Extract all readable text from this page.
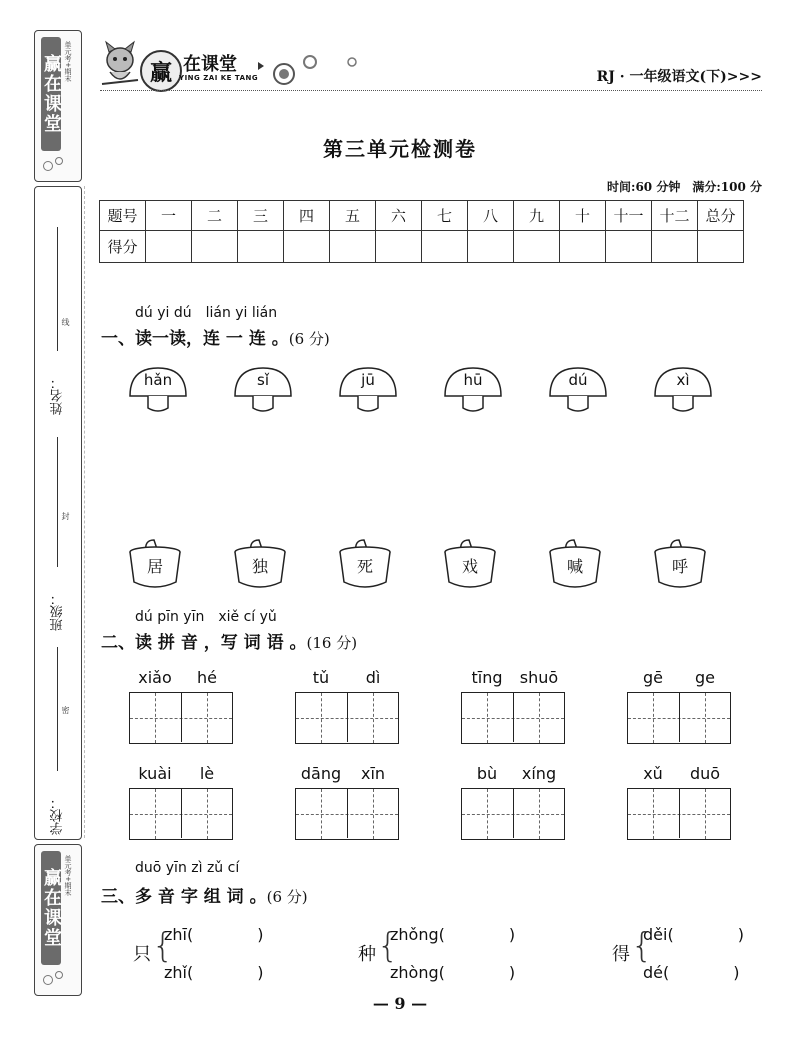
赢在课堂 单元考+期末
姓名：
班级：
学校：
线
封
密
赢在课堂 单元考+期末
赢 在课堂
YING ZAI KE TANG	RJ · 一年级语文(下)>>>
第三单元检测卷
时间:60 分钟　满分:100 分
题号	一	二	三	四	五	六	七	八	九	十	十一	十二	总分
得分													
dú yi dú　lián yi lián
一、读一读，连 一 连 。(6 分)
hǎn	sǐ	jū	hū	dú	xì
居	独	死	戏	喊	呼
dú pīn yīn　xiě cí yǔ
二、读 拼 音 ，写 词 语 。(16 分)
xiǎo	hé	tǔ	dì	tīng	shuō	gē	ge
kuài	lè	dāng	xīn	bù	xíng	xǔ	duō
duō yīn zì zǔ cí
三、多 音 字 组 词 。(6 分)
只 {
zhī(　　　　)
zhǐ(　　　　)
种 {
zhǒng(　　　　)
zhòng(　　　　)
得 {
děi(　　　　)
dé(　　　　)
— 9 —
